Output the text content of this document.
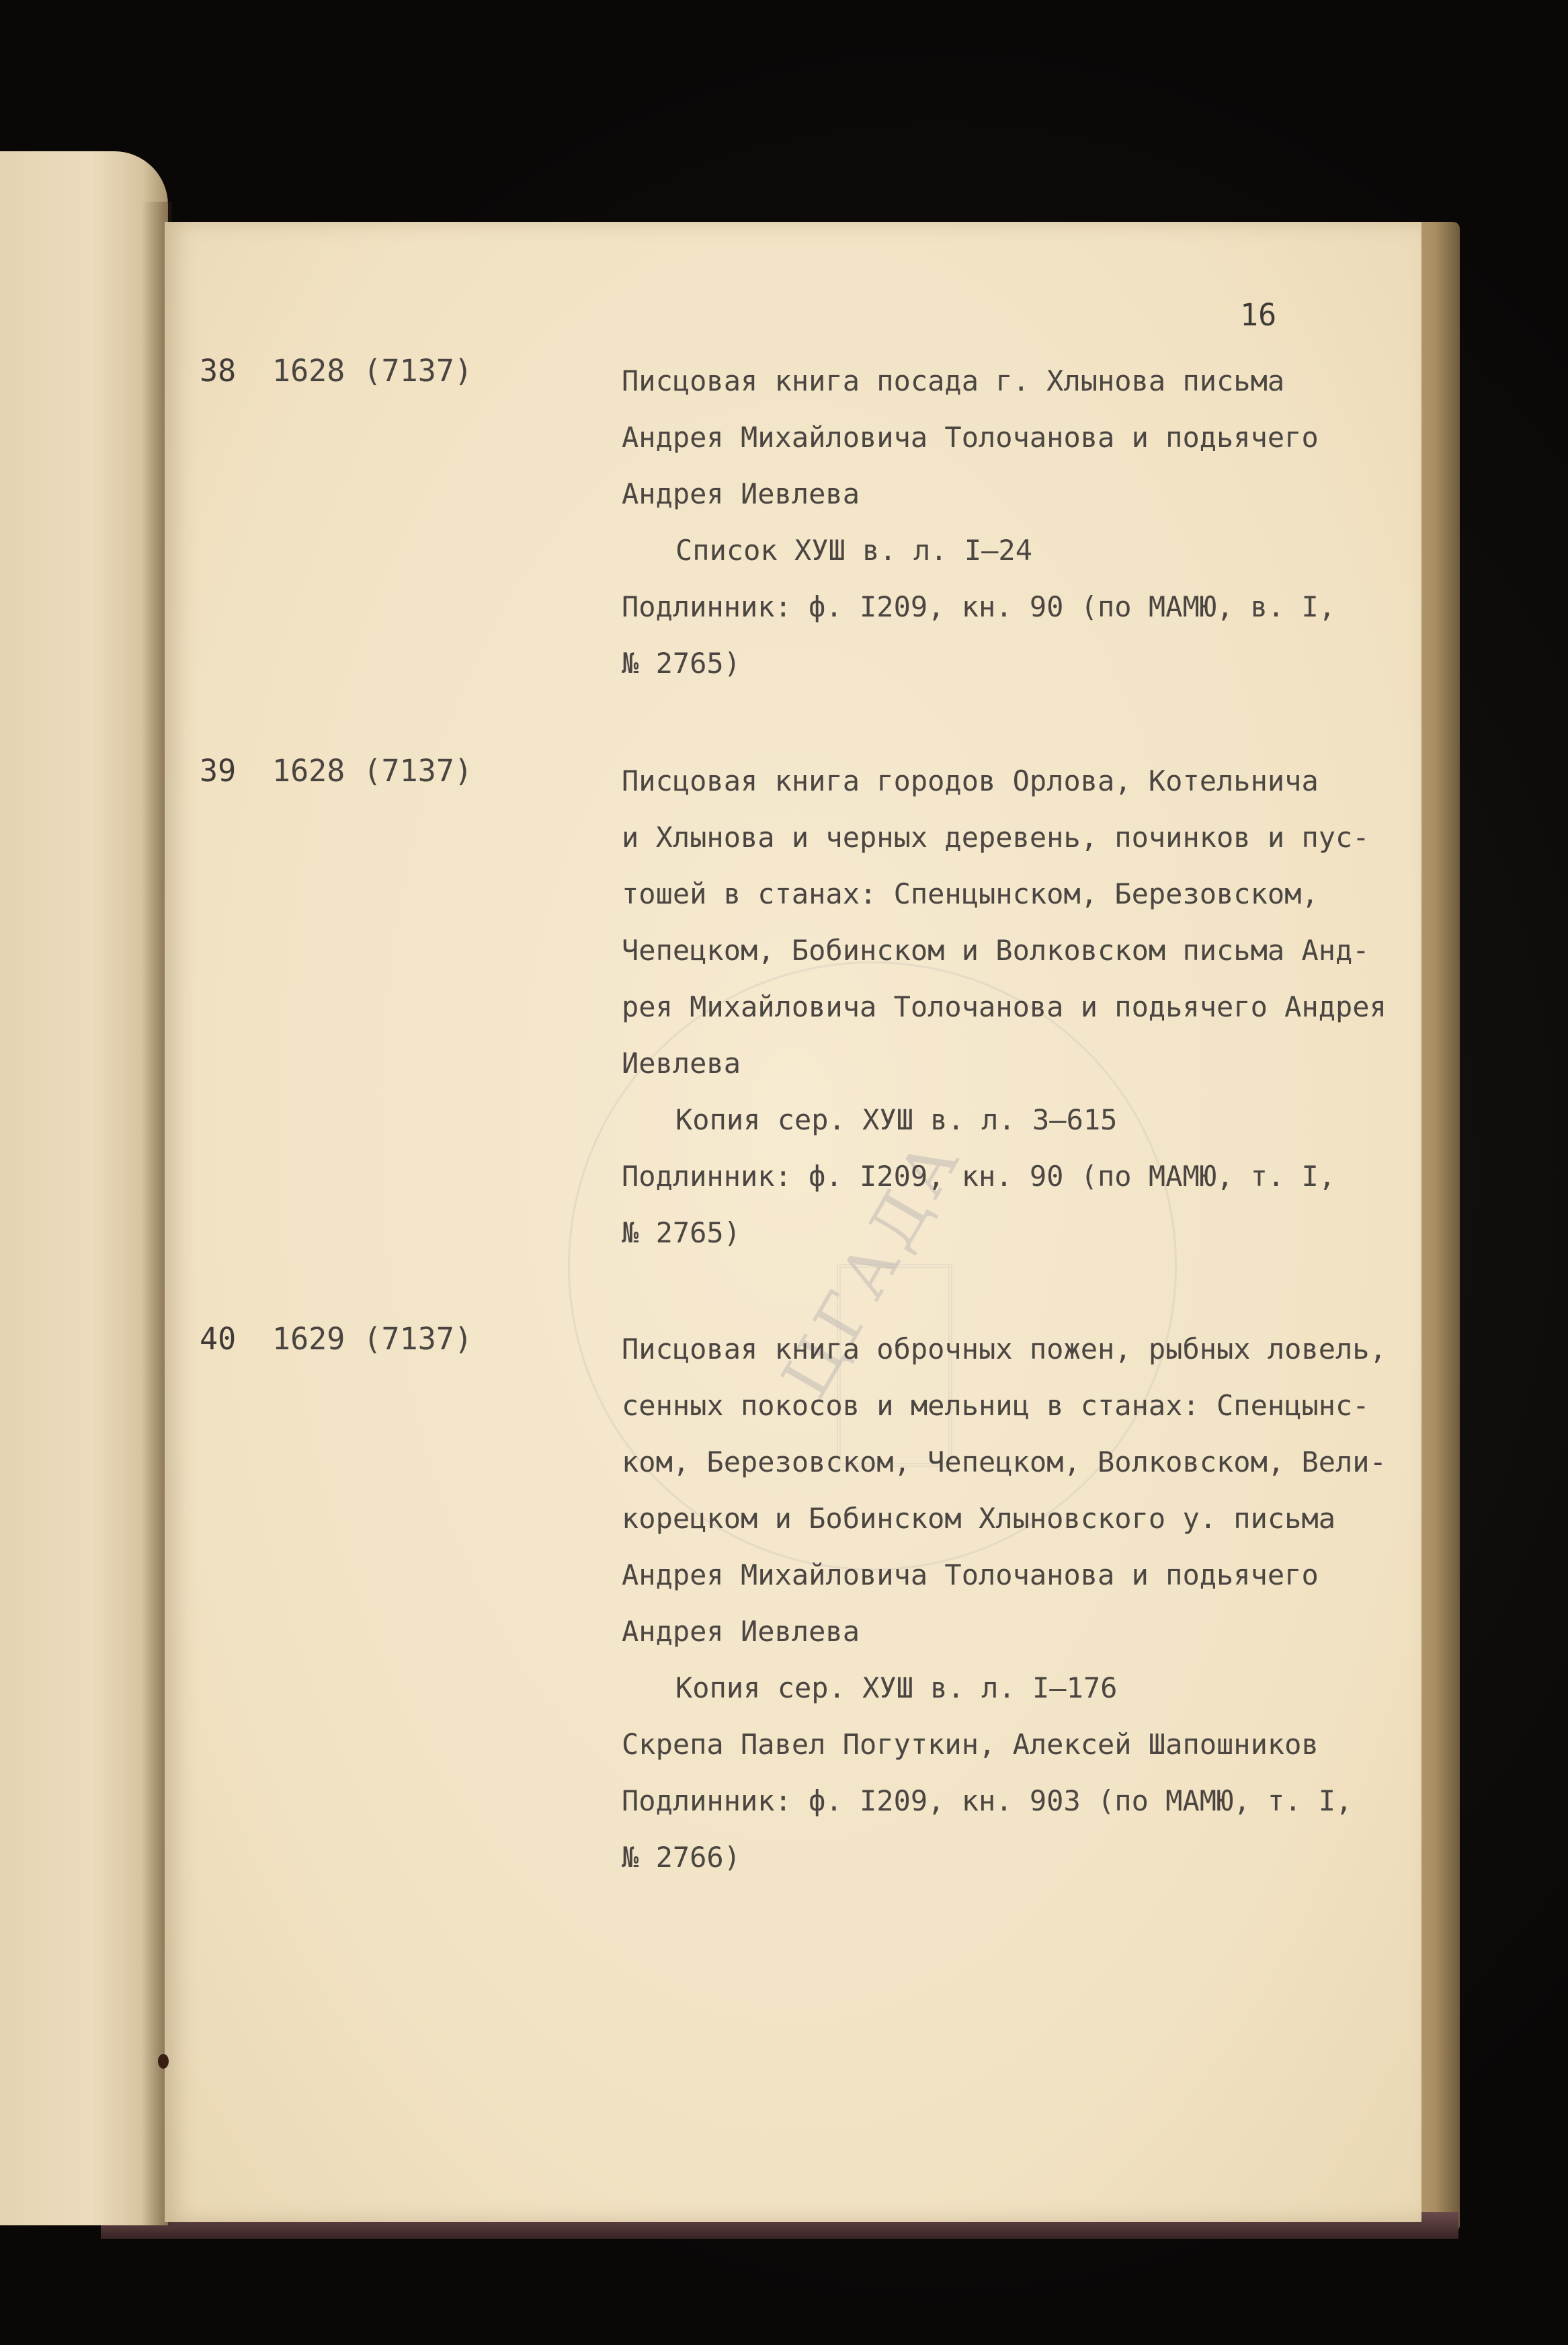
ЦГАДА
16
38 1628 (7137)	Писцовая книга посада г. Хлынова письма
Андрея Михайловича Толочанова и подьячего
Андрея Иевлева
Список ХУШ в. л. I–24
Подлинник: ф. I209, кн. 90 (по МАМЮ, в. I,
№ 2765)
39 1628 (7137)	Писцовая книга городов Орлова, Котельнича
и Хлынова и черных деревень, починков и пус-
тошей в станах: Спенцынском, Березовском,
Чепецком, Бобинском и Волковском письма Анд-
рея Михайловича Толочанова и подьячего Андрея
Иевлева
Копия сер. ХУШ в. л. 3–615
Подлинник: ф. I209, кн. 90 (по МАМЮ, т. I,
№ 2765)
40 1629 (7137)	Писцовая книга оброчных пожен, рыбных ловель,
сенных покосов и мельниц в станах: Спенцынс-
ком, Березовском, Чепецком, Волковском, Вели-
корецком и Бобинском Хлыновского у. письма
Андрея Михайловича Толочанова и подьячего
Андрея Иевлева
Копия сер. ХУШ в. л. I–176
Скрепа Павел Погуткин, Алексей Шапошников
Подлинник: ф. I209, кн. 903 (по МАМЮ, т. I,
№ 2766)
